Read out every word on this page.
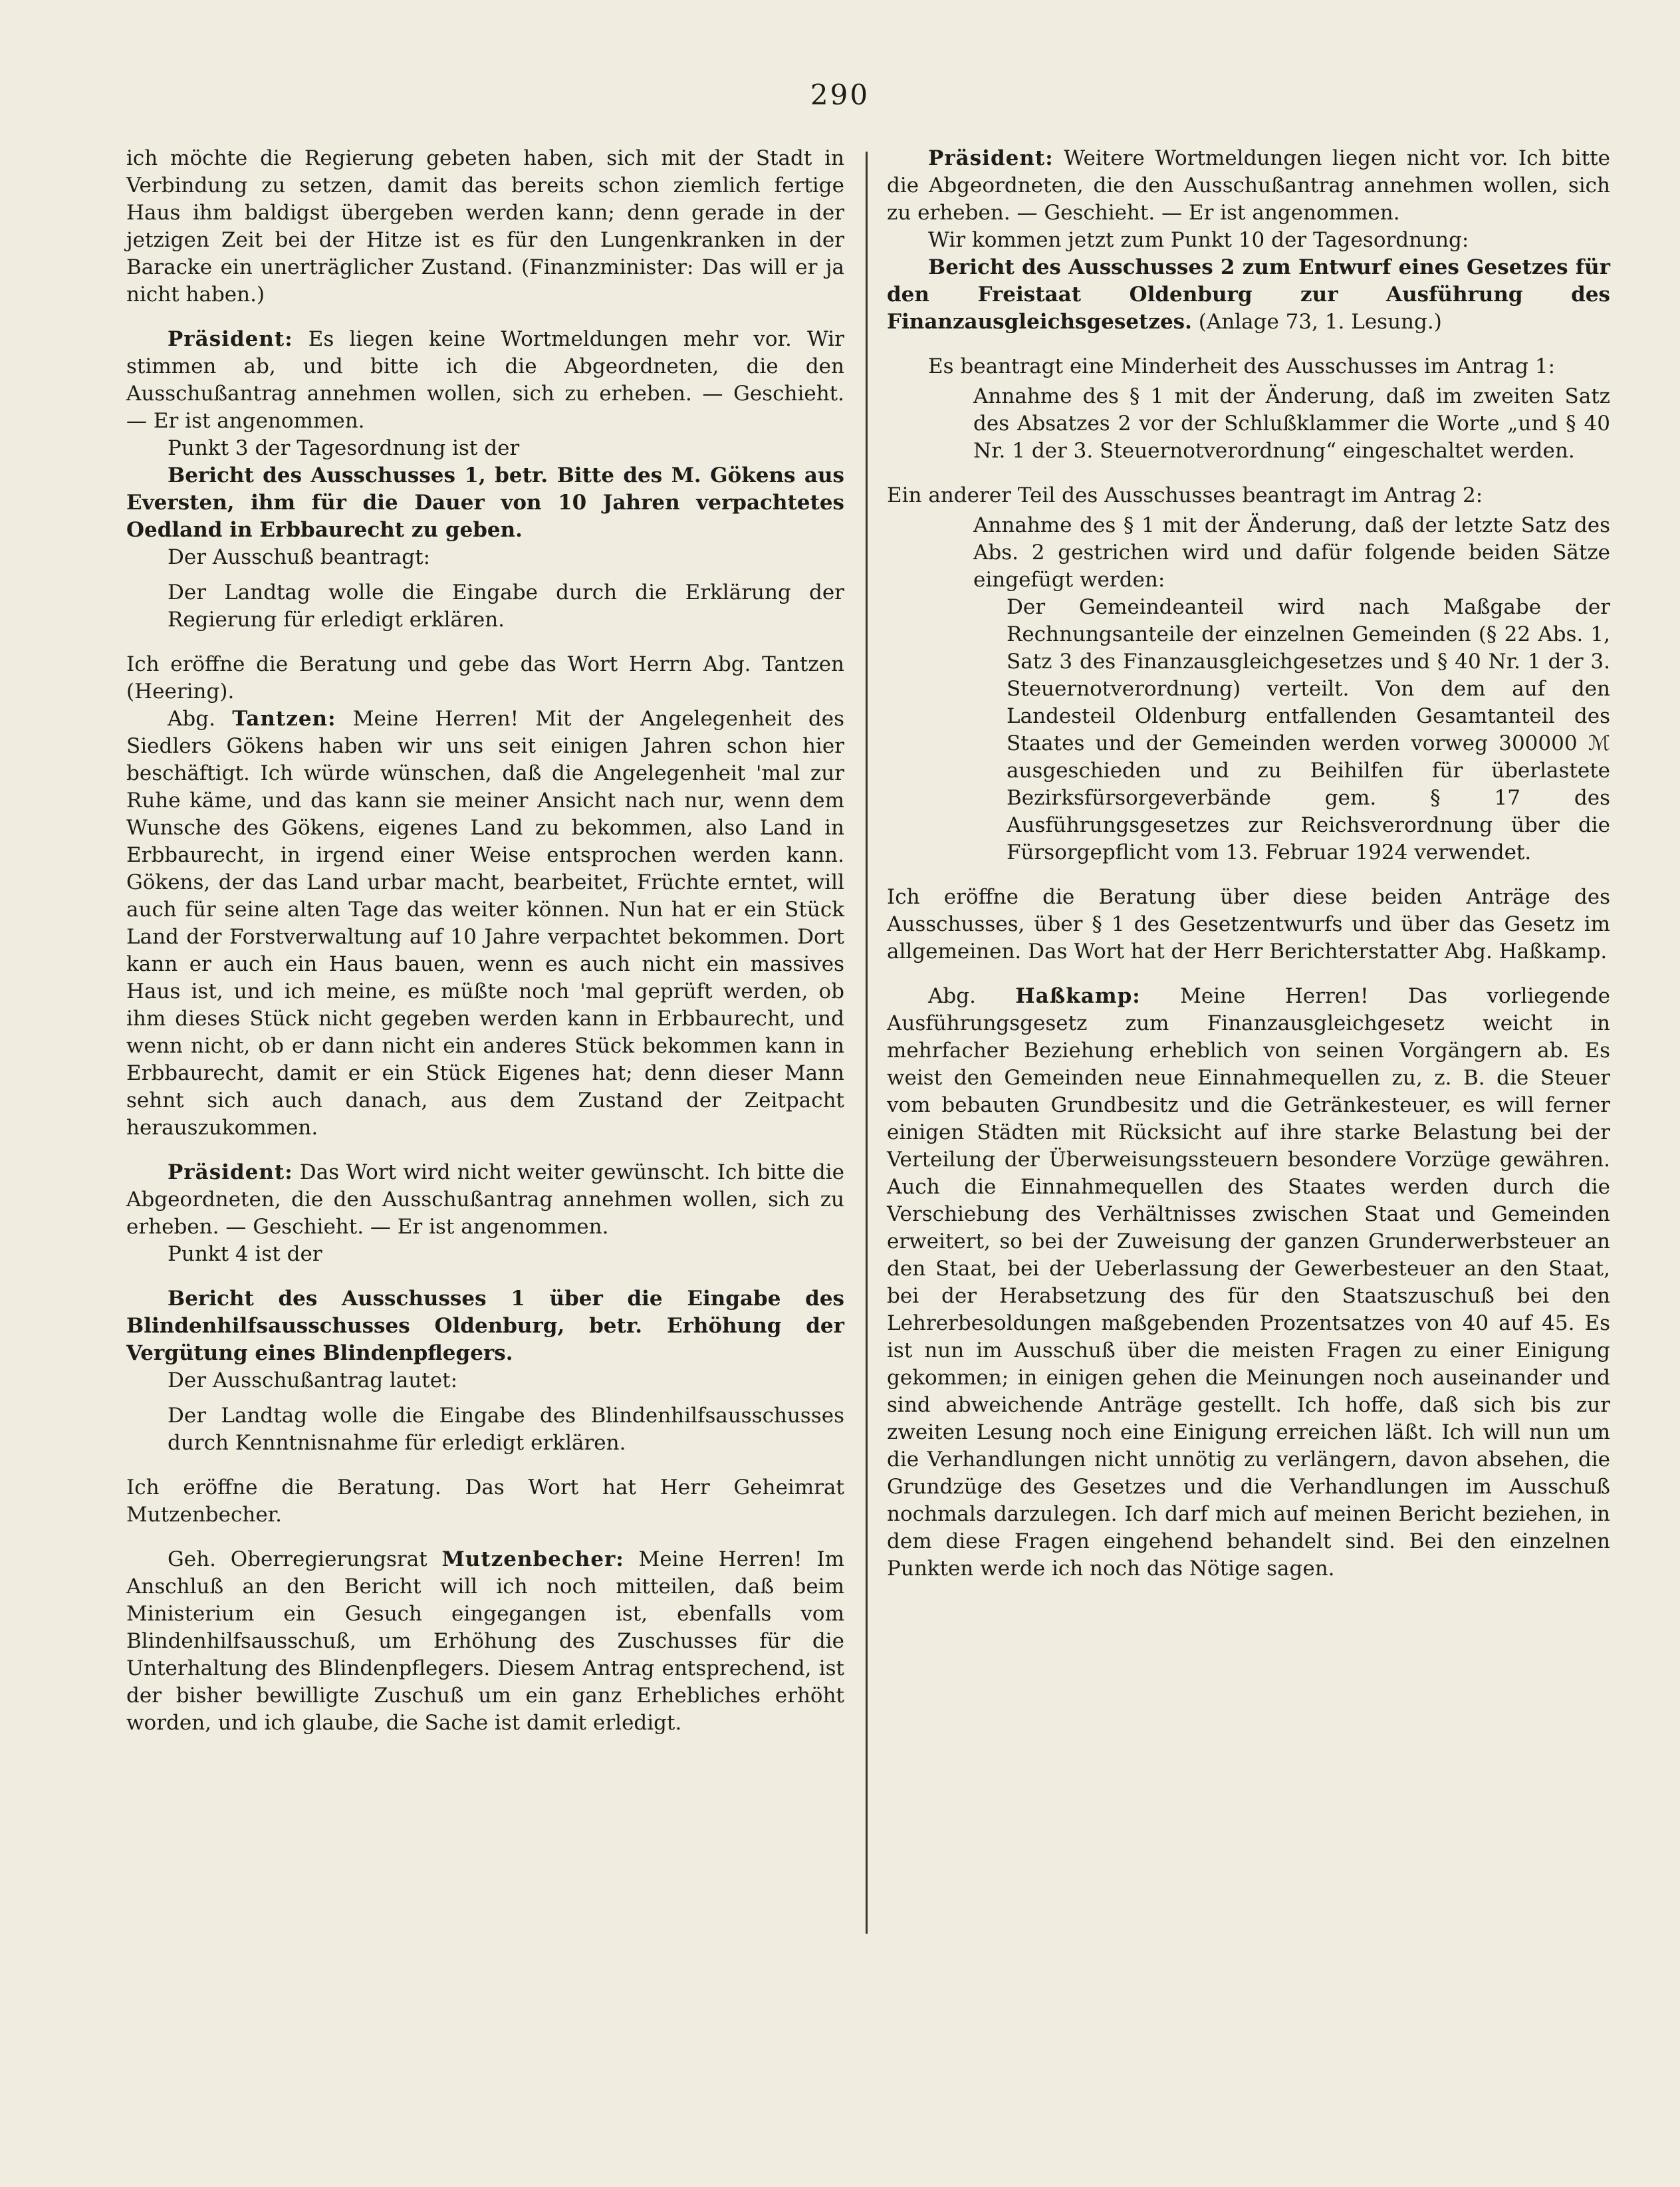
290

ich möchte die Regierung gebeten haben, sich mit der Stadt in Verbindung zu setzen, damit das bereits schon ziemlich fertige Haus ihm baldigst übergeben werden kann; denn gerade in der jetzigen Zeit bei der Hitze ist es für den Lungenkranken in der Baracke ein unerträglicher Zustand. (Finanzminister: Das will er ja nicht haben.)

Präsident: Es liegen keine Wortmeldungen mehr vor. Wir stimmen ab, und bitte ich die Abgeordneten, die den Ausschußantrag annehmen wollen, sich zu erheben. — Geschieht. — Er ist angenommen.

Punkt 3 der Tagesordnung ist der

Bericht des Ausschusses 1, betr. Bitte des M. Gökens aus Eversten, ihm für die Dauer von 10 Jahren verpachtetes Oedland in Erbbaurecht zu geben.

Der Ausschuß beantragt:

Der Landtag wolle die Eingabe durch die Erklärung der Regierung für erledigt erklären.

Ich eröffne die Beratung und gebe das Wort Herrn Abg. Tantzen (Heering).

Abg. Tantzen: Meine Herren! Mit der Angelegenheit des Siedlers Gökens haben wir uns seit einigen Jahren schon hier beschäftigt. Ich würde wünschen, daß die Angelegenheit 'mal zur Ruhe käme, und das kann sie meiner Ansicht nach nur, wenn dem Wunsche des Gökens, eigenes Land zu bekommen, also Land in Erbbaurecht, in irgend einer Weise entsprochen werden kann. Gökens, der das Land urbar macht, bearbeitet, Früchte erntet, will auch für seine alten Tage das weiter können. Nun hat er ein Stück Land der Forstverwaltung auf 10 Jahre verpachtet bekommen. Dort kann er auch ein Haus bauen, wenn es auch nicht ein massives Haus ist, und ich meine, es müßte noch 'mal geprüft werden, ob ihm dieses Stück nicht gegeben werden kann in Erbbaurecht, und wenn nicht, ob er dann nicht ein anderes Stück bekommen kann in Erbbaurecht, damit er ein Stück Eigenes hat; denn dieser Mann sehnt sich auch danach, aus dem Zustand der Zeitpacht herauszukommen.

Präsident: Das Wort wird nicht weiter gewünscht. Ich bitte die Abgeordneten, die den Ausschußantrag annehmen wollen, sich zu erheben. — Geschieht. — Er ist angenommen.

Punkt 4 ist der

Bericht des Ausschusses 1 über die Eingabe des Blindenhilfsausschusses Oldenburg, betr. Erhöhung der Vergütung eines Blindenpflegers.

Der Ausschußantrag lautet:

Der Landtag wolle die Eingabe des Blindenhilfsausschusses durch Kenntnisnahme für erledigt erklären.

Ich eröffne die Beratung. Das Wort hat Herr Geheimrat Mutzenbecher.

Geh. Oberregierungsrat Mutzenbecher: Meine Herren! Im Anschluß an den Bericht will ich noch mitteilen, daß beim Ministerium ein Gesuch eingegangen ist, ebenfalls vom Blindenhilfsausschuß, um Erhöhung des Zuschusses für die Unterhaltung des Blindenpflegers. Diesem Antrag entsprechend, ist der bisher bewilligte Zuschuß um ein ganz Erhebliches erhöht worden, und ich glaube, die Sache ist damit erledigt.

Präsident: Weitere Wortmeldungen liegen nicht vor. Ich bitte die Abgeordneten, die den Ausschußantrag annehmen wollen, sich zu erheben. — Geschieht. — Er ist angenommen.

Wir kommen jetzt zum Punkt 10 der Tagesordnung:

Bericht des Ausschusses 2 zum Entwurf eines Gesetzes für den Freistaat Oldenburg zur Ausführung des Finanzausgleichsgesetzes. (Anlage 73, 1. Lesung.)

Es beantragt eine Minderheit des Ausschusses im Antrag 1:

Annahme des § 1 mit der Änderung, daß im zweiten Satz des Absatzes 2 vor der Schlußklammer die Worte „und § 40 Nr. 1 der 3. Steuernotverordnung“ eingeschaltet werden.

Ein anderer Teil des Ausschusses beantragt im Antrag 2:

Annahme des § 1 mit der Änderung, daß der letzte Satz des Abs. 2 gestrichen wird und dafür folgende beiden Sätze eingefügt werden:

Der Gemeindeanteil wird nach Maßgabe der Rechnungsanteile der einzelnen Gemeinden (§ 22 Abs. 1, Satz 3 des Finanzausgleichgesetzes und § 40 Nr. 1 der 3. Steuernotverordnung) verteilt. Von dem auf den Landesteil Oldenburg entfallenden Gesamtanteil des Staates und der Gemeinden werden vorweg 300000 ℳ ausgeschieden und zu Beihilfen für überlastete Bezirksfürsorgeverbände gem. § 17 des Ausführungsgesetzes zur Reichsverordnung über die Fürsorgepflicht vom 13. Februar 1924 verwendet.

Ich eröffne die Beratung über diese beiden Anträge des Ausschusses, über § 1 des Gesetzentwurfs und über das Gesetz im allgemeinen. Das Wort hat der Herr Berichterstatter Abg. Haßkamp.

Abg. Haßkamp: Meine Herren! Das vorliegende Ausführungsgesetz zum Finanzausgleichgesetz weicht in mehrfacher Beziehung erheblich von seinen Vorgängern ab. Es weist den Gemeinden neue Einnahmequellen zu, z. B. die Steuer vom bebauten Grundbesitz und die Getränkesteuer, es will ferner einigen Städten mit Rücksicht auf ihre starke Belastung bei der Verteilung der Überweisungssteuern besondere Vorzüge gewähren. Auch die Einnahmequellen des Staates werden durch die Verschiebung des Verhältnisses zwischen Staat und Gemeinden erweitert, so bei der Zuweisung der ganzen Grunderwerbsteuer an den Staat, bei der Ueberlassung der Gewerbesteuer an den Staat, bei der Herabsetzung des für den Staatszuschuß bei den Lehrerbesoldungen maßgebenden Prozentsatzes von 40 auf 45. Es ist nun im Ausschuß über die meisten Fragen zu einer Einigung gekommen; in einigen gehen die Meinungen noch auseinander und sind abweichende Anträge gestellt. Ich hoffe, daß sich bis zur zweiten Lesung noch eine Einigung erreichen läßt. Ich will nun um die Verhandlungen nicht unnötig zu verlängern, davon absehen, die Grundzüge des Gesetzes und die Verhandlungen im Ausschuß nochmals darzulegen. Ich darf mich auf meinen Bericht beziehen, in dem diese Fragen eingehend behandelt sind. Bei den einzelnen Punkten werde ich noch das Nötige sagen.
